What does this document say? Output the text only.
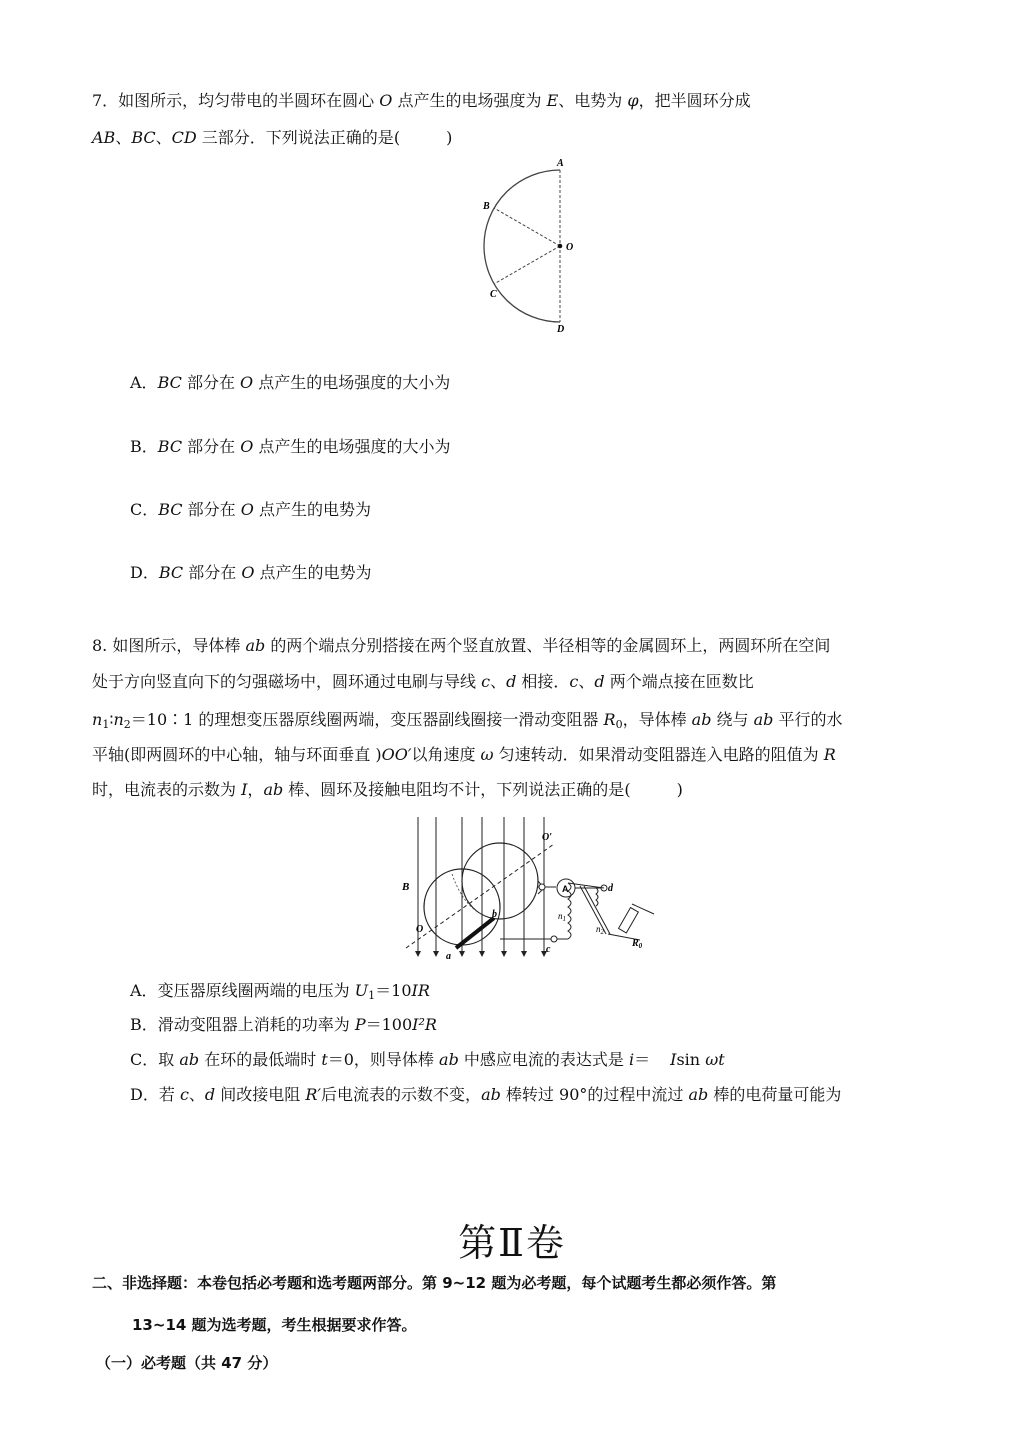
7．如图所示，均匀带电的半圆环在圆心 O 点产生的电场强度为 E、电势为 φ，把半圆环分成
AB、BC、CD 三部分．下列说法正确的是(	)
A
B
O
C
D
A．BC 部分在 O 点产生的电场强度的大小为
B．BC 部分在 O 点产生的电场强度的大小为
C．BC 部分在 O 点产生的电势为
D．BC 部分在 O 点产生的电势为
8. 如图所示，导体棒 ab 的两个端点分别搭接在两个竖直放置、半径相等的金属圆环上，两圆环所在空间
处于方向竖直向下的匀强磁场中，圆环通过电刷与导线 c、d 相接．c、d 两个端点接在匝数比
$n_1∶n_2=10∶1$ 的理想变压器原线圈两端，变压器副线圈接一滑动变阻器 $R_0$，导体棒 ab 绕与 ab 平行的水
平轴(即两圆环的中心轴，轴与环面垂直 )OO′以角速度 ω 匀速转动．如果滑动变阻器连入电路的阻值为 R
时，电流表的示数为 I，ab 棒、圆环及接触电阻均不计，下列说法正确的是(	)
B
O
O′
a
b
c
d
A
$n_1$
$n_2$
$R_0$
A．变压器原线圈两端的电压为 $U_1=10IR$
B．滑动变阻器上消耗的功率为 P＝100I²R
C．取 ab 在环的最低端时 t＝0，则导体棒 ab 中感应电流的表达式是 i＝ Isin ωt
D．若 c、d 间改接电阻 R′后电流表的示数不变，ab 棒转过 90°的过程中流过 ab 棒的电荷量可能为
第Ⅱ卷
二、非选择题：本卷包括必考题和选考题两部分。第 9~12 题为必考题，每个试题考生都必须作答。第
13~14 题为选考题，考生根据要求作答。
（一）必考题（共 47 分）
